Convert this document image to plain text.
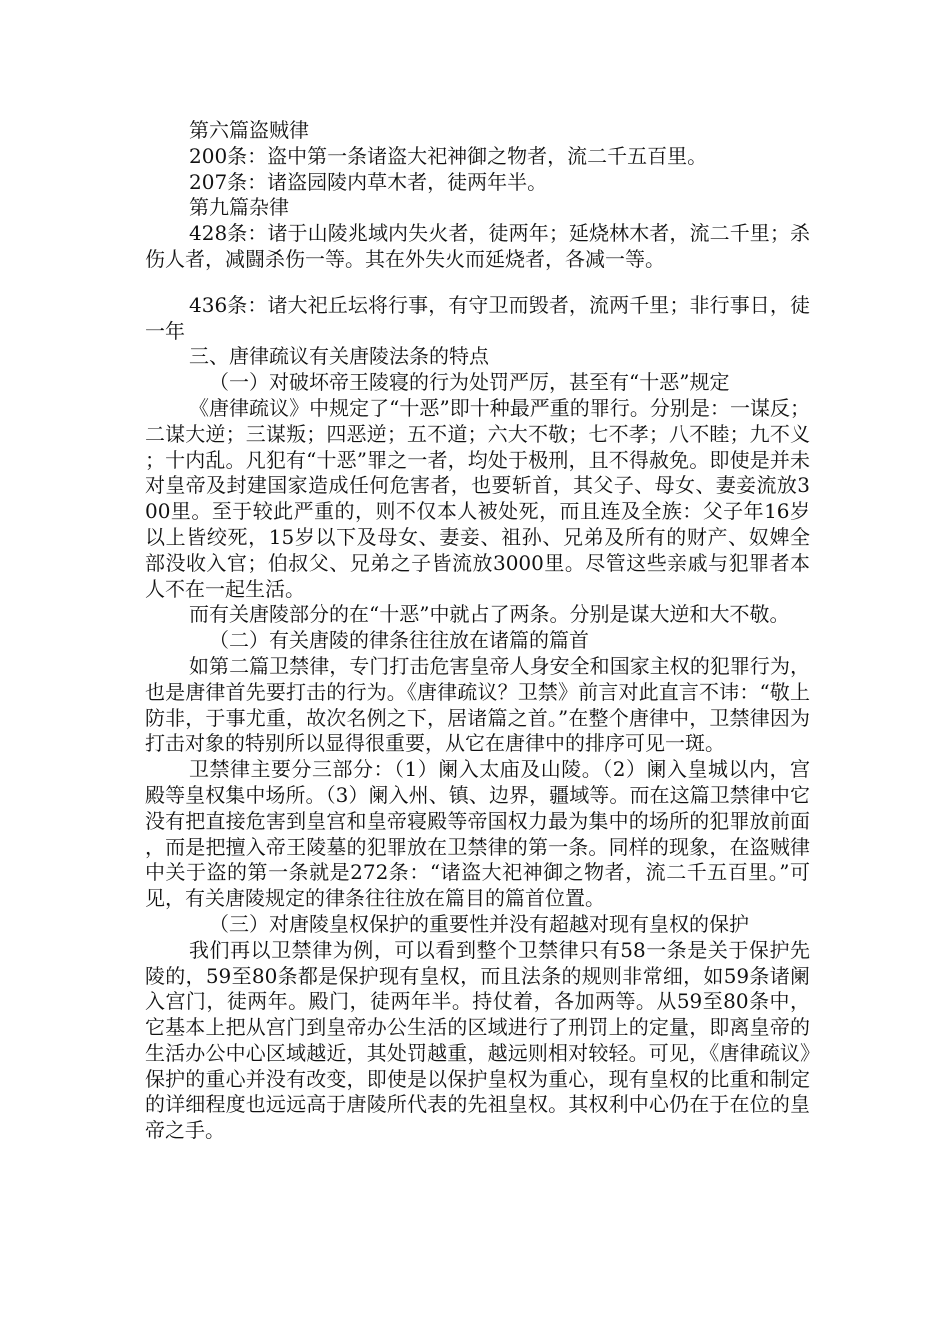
第六篇盗贼律

200条：盗中第一条诸盗大祀神御之物者，流二千五百里。

207条：诸盗园陵内草木者，徒两年半。

第九篇杂律

428条：诸于山陵兆域内失火者，徒两年；延烧林木者，流二千里；杀伤人者，减闘杀伤一等。其在外失火而延烧者，各减一等。

436条：诸大祀丘坛将行事，有守卫而毁者，流两千里；非行事日，徒一年

三、唐律疏议有关唐陵法条的特点

（一）对破坏帝王陵寝的行为处罚严厉，甚至有“十恶”规定

《唐律疏议》中规定了“十恶”即十种最严重的罪行。分别是：一谋反；二谋大逆；三谋叛；四恶逆；五不道；六大不敬；七不孝；八不睦；九不义；十内乱。凡犯有“十恶”罪之一者，均处于极刑，且不得赦免。即使是并未对皇帝及封建国家造成任何危害者，也要斩首，其父子、母女、妻妾流放300里。至于较此严重的，则不仅本人被处死，而且连及全族：父子年16岁以上皆绞死，15岁以下及母女、妻妾、祖孙、兄弟及所有的财产、奴婢全部没收入官；伯叔父、兄弟之子皆流放3000里。尽管这些亲戚与犯罪者本人不在一起生活。

而有关唐陵部分的在“十恶”中就占了两条。分别是谋大逆和大不敬。

（二）有关唐陵的律条往往放在诸篇的篇首

如第二篇卫禁律，专门打击危害皇帝人身安全和国家主权的犯罪行为，也是唐律首先要打击的行为。《唐律疏议？卫禁》前言对此直言不讳：“敬上防非，于事尤重，故次名例之下，居诸篇之首。”在整个唐律中，卫禁律因为打击对象的特别所以显得很重要，从它在唐律中的排序可见一斑。

卫禁律主要分三部分：（1）阑入太庙及山陵。（2）阑入皇城以内，宫殿等皇权集中场所。（3）阑入州、镇、边界，疆域等。而在这篇卫禁律中它没有把直接危害到皇宫和皇帝寝殿等帝国权力最为集中的场所的犯罪放前面，而是把擅入帝王陵墓的犯罪放在卫禁律的第一条。同样的现象，在盗贼律中关于盗的第一条就是272条：“诸盗大祀神御之物者，流二千五百里。”可见，有关唐陵规定的律条往往放在篇目的篇首位置。

（三）对唐陵皇权保护的重要性并没有超越对现有皇权的保护

我们再以卫禁律为例，可以看到整个卫禁律只有58一条是关于保护先陵的，59至80条都是保护现有皇权，而且法条的规则非常细，如59条诸阑入宫门，徒两年。殿门，徒两年半。持仗着，各加两等。从59至80条中，它基本上把从宫门到皇帝办公生活的区域进行了刑罚上的定量，即离皇帝的生活办公中心区域越近，其处罚越重，越远则相对较轻。可见，《唐律疏议》保护的重心并没有改变，即使是以保护皇权为重心，现有皇权的比重和制定的详细程度也远远高于唐陵所代表的先祖皇权。其权利中心仍在于在位的皇帝之手。
